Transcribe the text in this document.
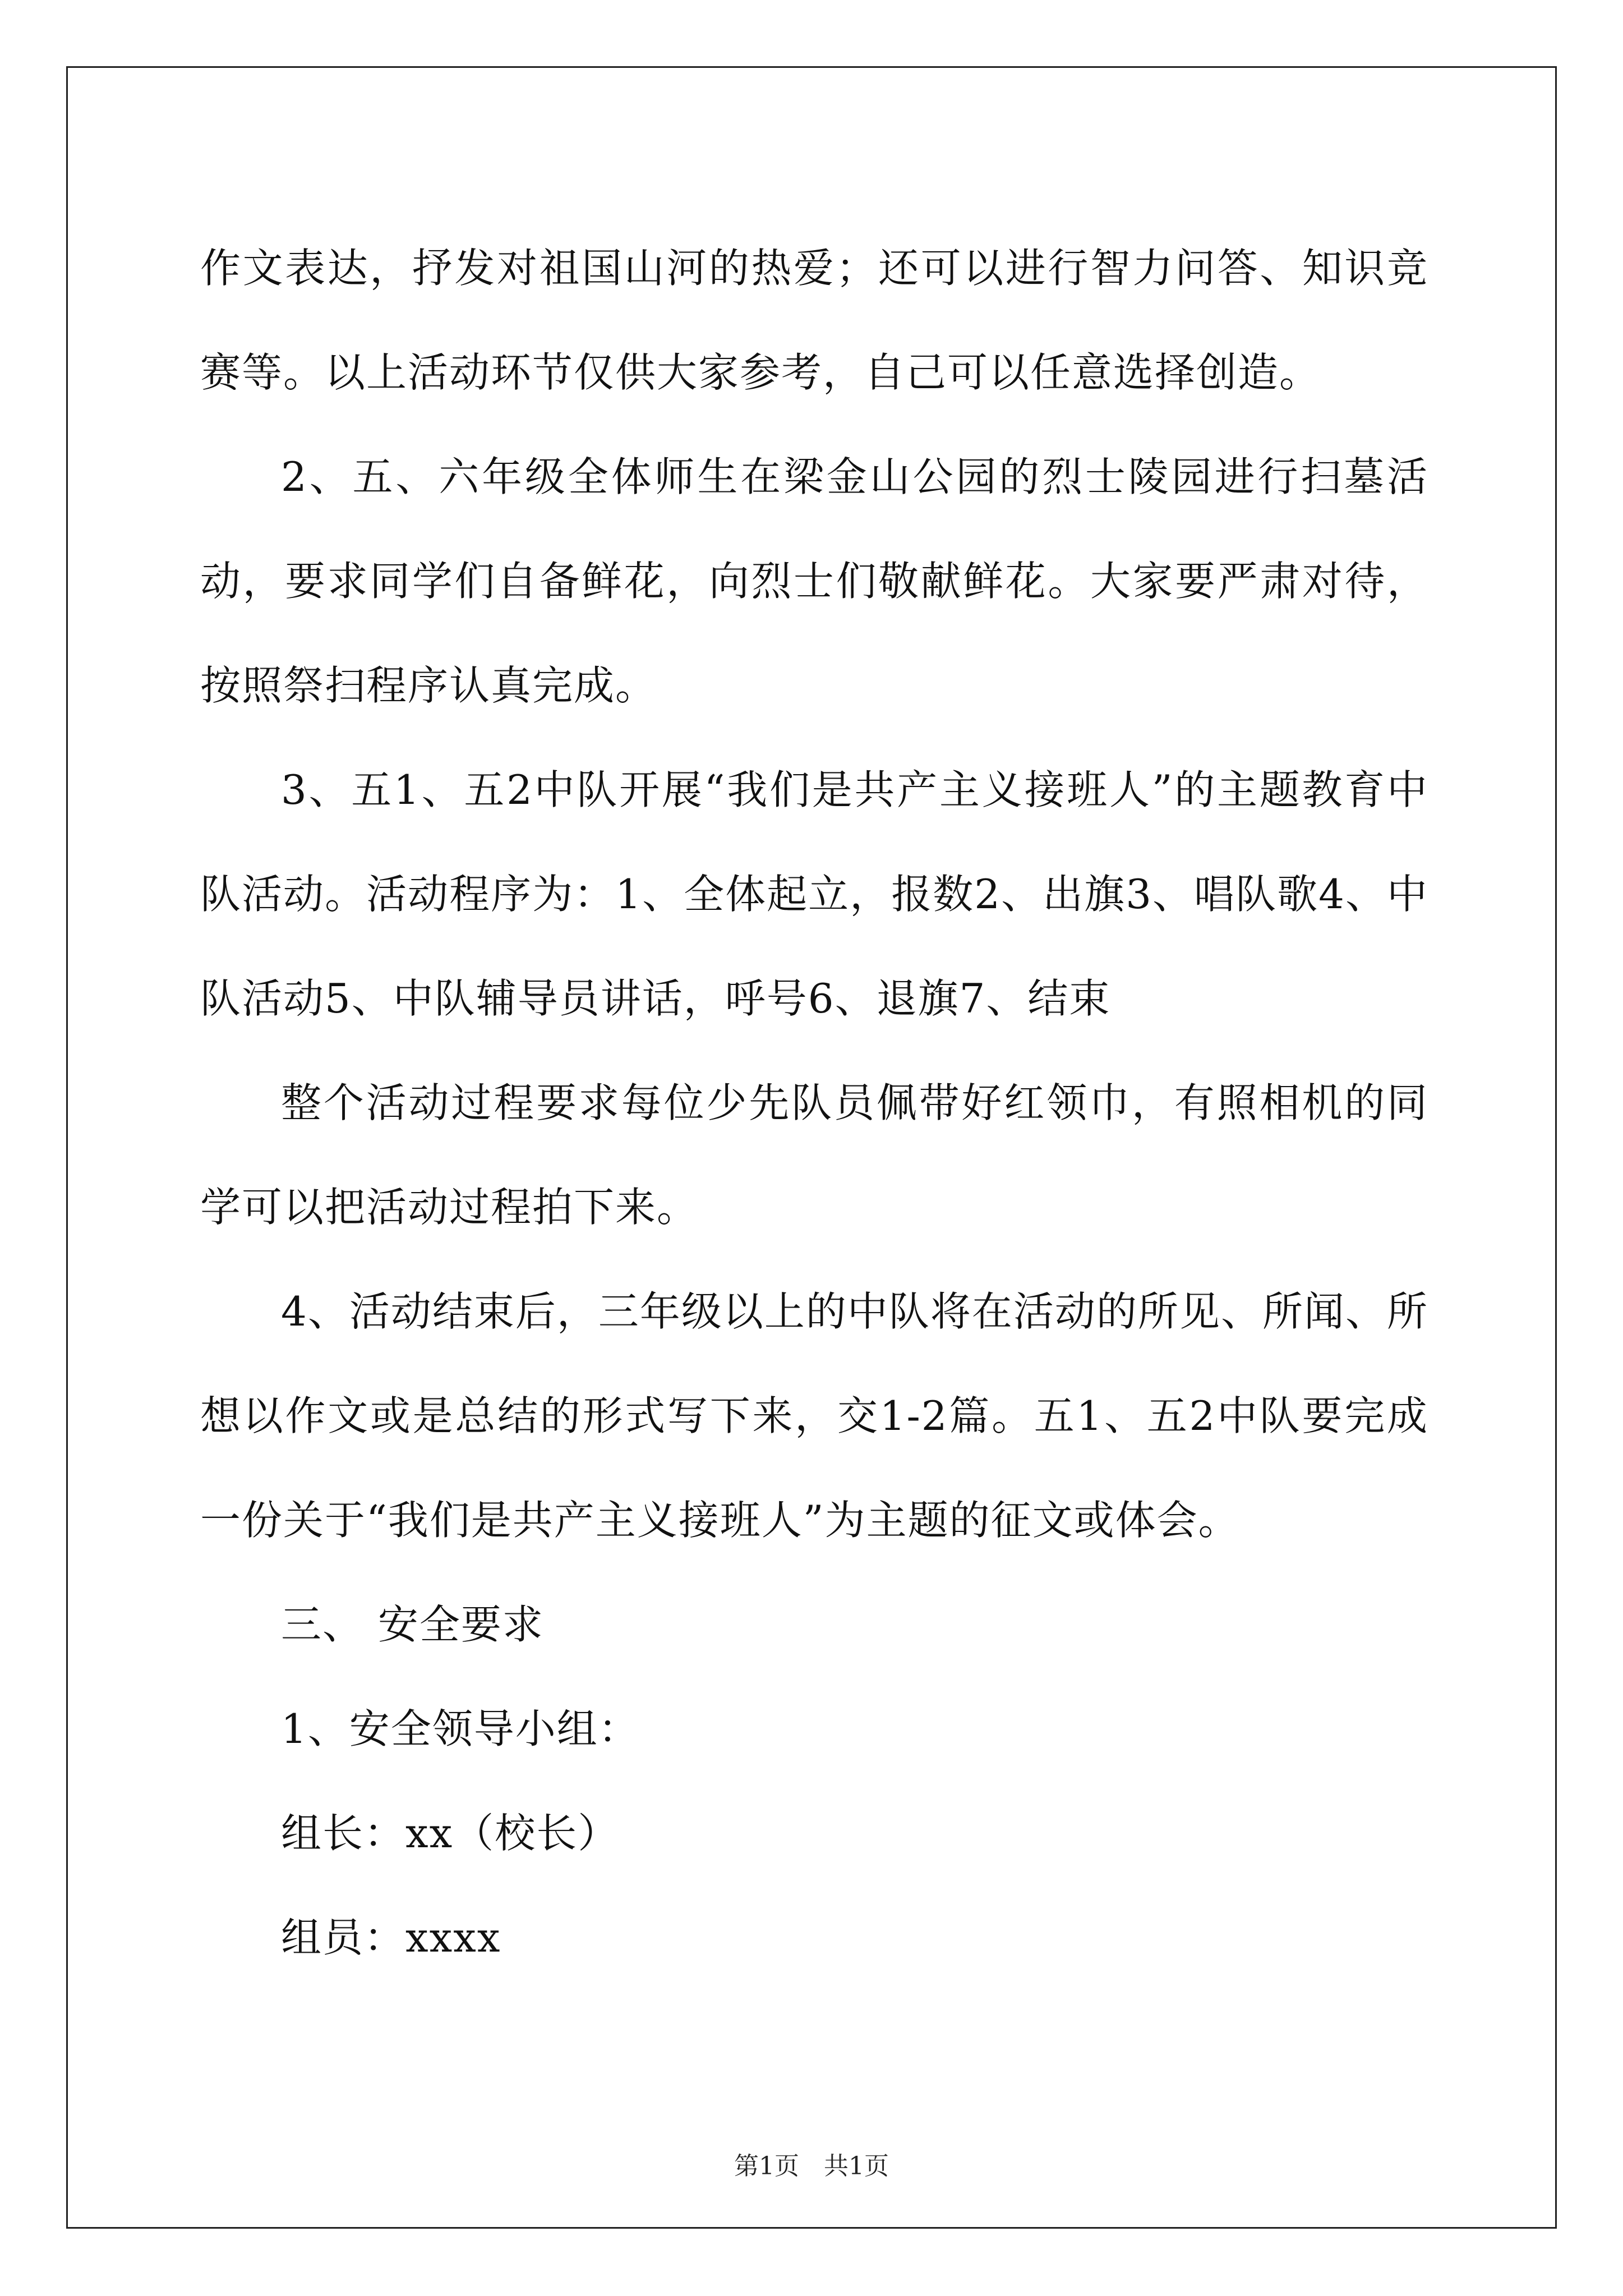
作文表达，抒发对祖国山河的热爱；还可以进行智力问答、知识竞赛等。以上活动环节仅供大家参考，自己可以任意选择创造。

2、五、六年级全体师生在梁金山公园的烈士陵园进行扫墓活动，要求同学们自备鲜花，向烈士们敬献鲜花。大家要严肃对待，按照祭扫程序认真完成。

3、五1、五2中队开展“我们是共产主义接班人”的主题教育中队活动。活动程序为：1、全体起立，报数2、出旗3、唱队歌4、中队活动5、中队辅导员讲话，呼号6、退旗7、结束

整个活动过程要求每位少先队员佩带好红领巾，有照相机的同学可以把活动过程拍下来。

4、活动结束后，三年级以上的中队将在活动的所见、所闻、所想以作文或是总结的形式写下来，交1-2篇。五1、五2中队要完成一份关于“我们是共产主义接班人”为主题的征文或体会。

三、 安全要求

1、安全领导小组：

组长：xx（校长）

组员：xxxx

第1页　共1页
